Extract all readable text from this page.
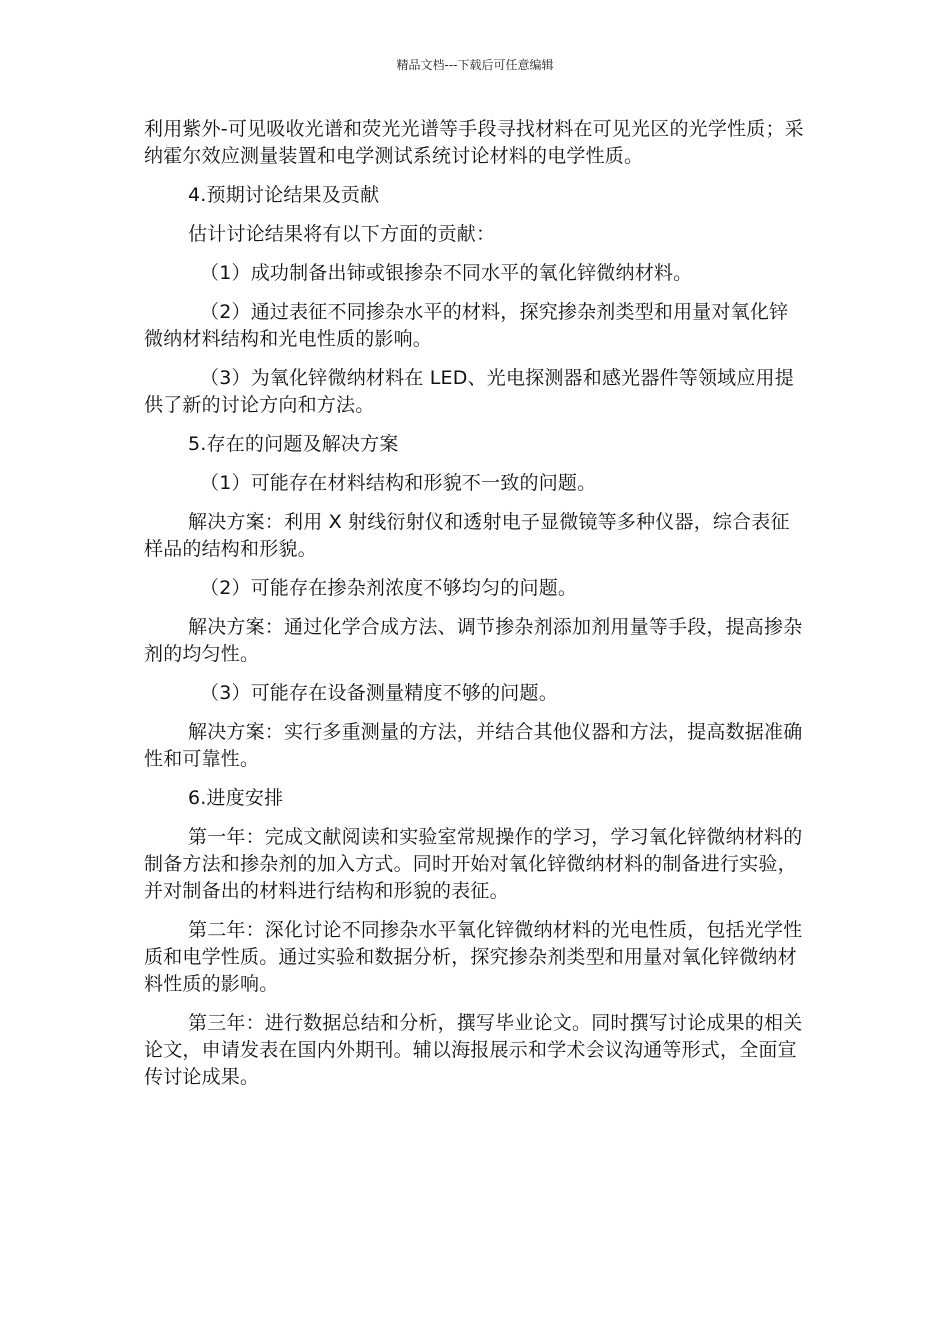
精品文档---下载后可任意编辑

利用紫外-可见吸收光谱和荧光光谱等手段寻找材料在可见光区的光学性质；采纳霍尔效应测量装置和电学测试系统讨论材料的电学性质。

4.预期讨论结果及贡献

估计讨论结果将有以下方面的贡献：

（1）成功制备出铈或银掺杂不同水平的氧化锌微纳材料。

（2）通过表征不同掺杂水平的材料，探究掺杂剂类型和用量对氧化锌微纳材料结构和光电性质的影响。

（3）为氧化锌微纳材料在 LED、光电探测器和感光器件等领域应用提供了新的讨论方向和方法。

5.存在的问题及解决方案

（1）可能存在材料结构和形貌不一致的问题。

解决方案：利用 X 射线衍射仪和透射电子显微镜等多种仪器，综合表征样品的结构和形貌。

（2）可能存在掺杂剂浓度不够均匀的问题。

解决方案：通过化学合成方法、调节掺杂剂添加剂用量等手段，提高掺杂剂的均匀性。

（3）可能存在设备测量精度不够的问题。

解决方案：实行多重测量的方法，并结合其他仪器和方法，提高数据准确性和可靠性。

6.进度安排

第一年：完成文献阅读和实验室常规操作的学习，学习氧化锌微纳材料的制备方法和掺杂剂的加入方式。同时开始对氧化锌微纳材料的制备进行实验，并对制备出的材料进行结构和形貌的表征。

第二年：深化讨论不同掺杂水平氧化锌微纳材料的光电性质，包括光学性质和电学性质。通过实验和数据分析，探究掺杂剂类型和用量对氧化锌微纳材料性质的影响。

第三年：进行数据总结和分析，撰写毕业论文。同时撰写讨论成果的相关论文，申请发表在国内外期刊。辅以海报展示和学术会议沟通等形式，全面宣传讨论成果。
